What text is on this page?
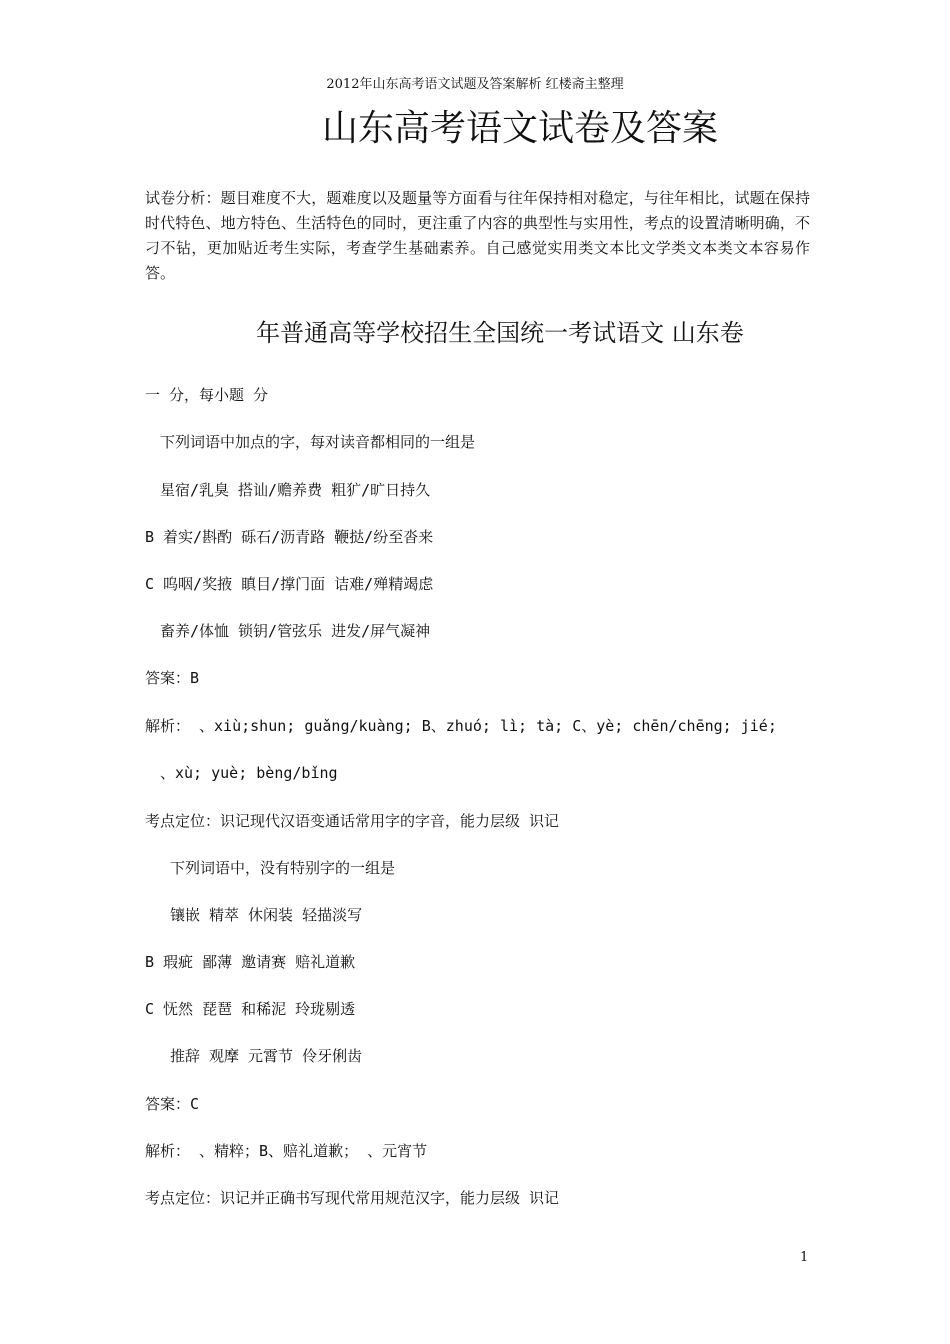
2012年山东高考语文试题及答案解析 红楼斋主整理
山东高考语文试卷及答案
试卷分析：题目难度不大，题难度以及题量等方面看与往年保持相对稳定，与往年相比，试题在保持时代特色、地方特色、生活特色的同时，更注重了内容的典型性与实用性，考点的设置清晰明确，不刁不钻，更加贴近考生实际，考查学生基础素养。自己感觉实用类文本比文学类文本类文本容易作答。
年普通高等学校招生全国统一考试语文 山东卷
一 分，每小题 分
下列词语中加点的字，每对读音都相同的一组是
星宿/乳臭 搭讪/赡养费 粗犷/旷日持久
B 着实/斟酌 砾石/沥青路 鞭挞/纷至沓来
C 呜咽/奖掖 瞋目/撑门面 诘难/殚精竭虑
畜养/体恤 锁钥/管弦乐 进发/屏气凝神
答案：B
解析： 、xiù;shun; guǎng/kuàng; B、zhuó; lì; tà; C、yè; chēn/chēng; jié;
、xù; yuè; bèng/bǐng
考点定位：识记现代汉语变通话常用字的字音，能力层级 识记
下列词语中，没有特别字的一组是
镶嵌 精萃 休闲装 轻描淡写
B 瑕疵 鄙薄 邀请赛 赔礼道歉
C 怃然 琵琶 和稀泥 玲珑剔透
推辞 观摩 元霄节 伶牙俐齿
答案：C
解析： 、精粹；B、赔礼道歉； 、元宵节
考点定位：识记并正确书写现代常用规范汉字，能力层级 识记
1
